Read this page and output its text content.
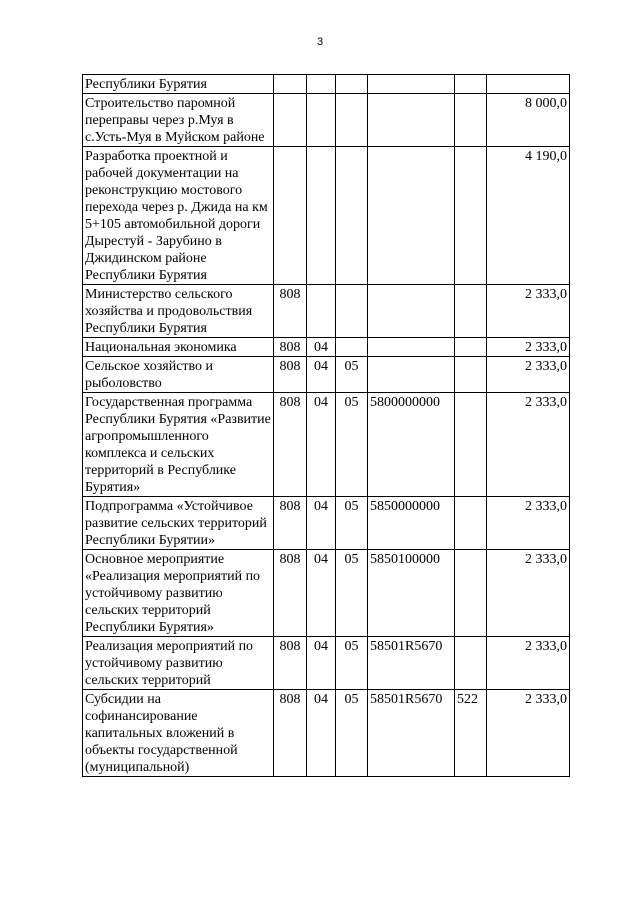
3
Республики Бурятия						
Строительство паромной переправы через р.Муя в с.Усть-Муя в Муйском районе						8 000,0
Разработка проектной и рабочей документации на реконструкцию мостового перехода через р. Джида на км 5+105 автомобильной дороги Дырестуй - Зарубино в Джидинском районе Республики Бурятия						4 190,0
Министерство сельского хозяйства и продовольствия Республики Бурятия	808					2 333,0
Национальная экономика	808	04				2 333,0
Сельское хозяйство и рыболовство	808	04	05			2 333,0
Государственная программа Республики Бурятия «Развитие агропромышленного комплекса и сельских территорий в Республике Бурятия»	808	04	05	5800000000		2 333,0
Подпрограмма «Устойчивое развитие сельских территорий Республики Бурятии»	808	04	05	5850000000		2 333,0
Основное мероприятие «Реализация мероприятий по устойчивому развитию сельских территорий Республики Бурятия»	808	04	05	5850100000		2 333,0
Реализация мероприятий по устойчивому развитию сельских территорий	808	04	05	58501R5670		2 333,0
Субсидии на софинансирование капитальных вложений в объекты государственной (муниципальной)	808	04	05	58501R5670	522	2 333,0
